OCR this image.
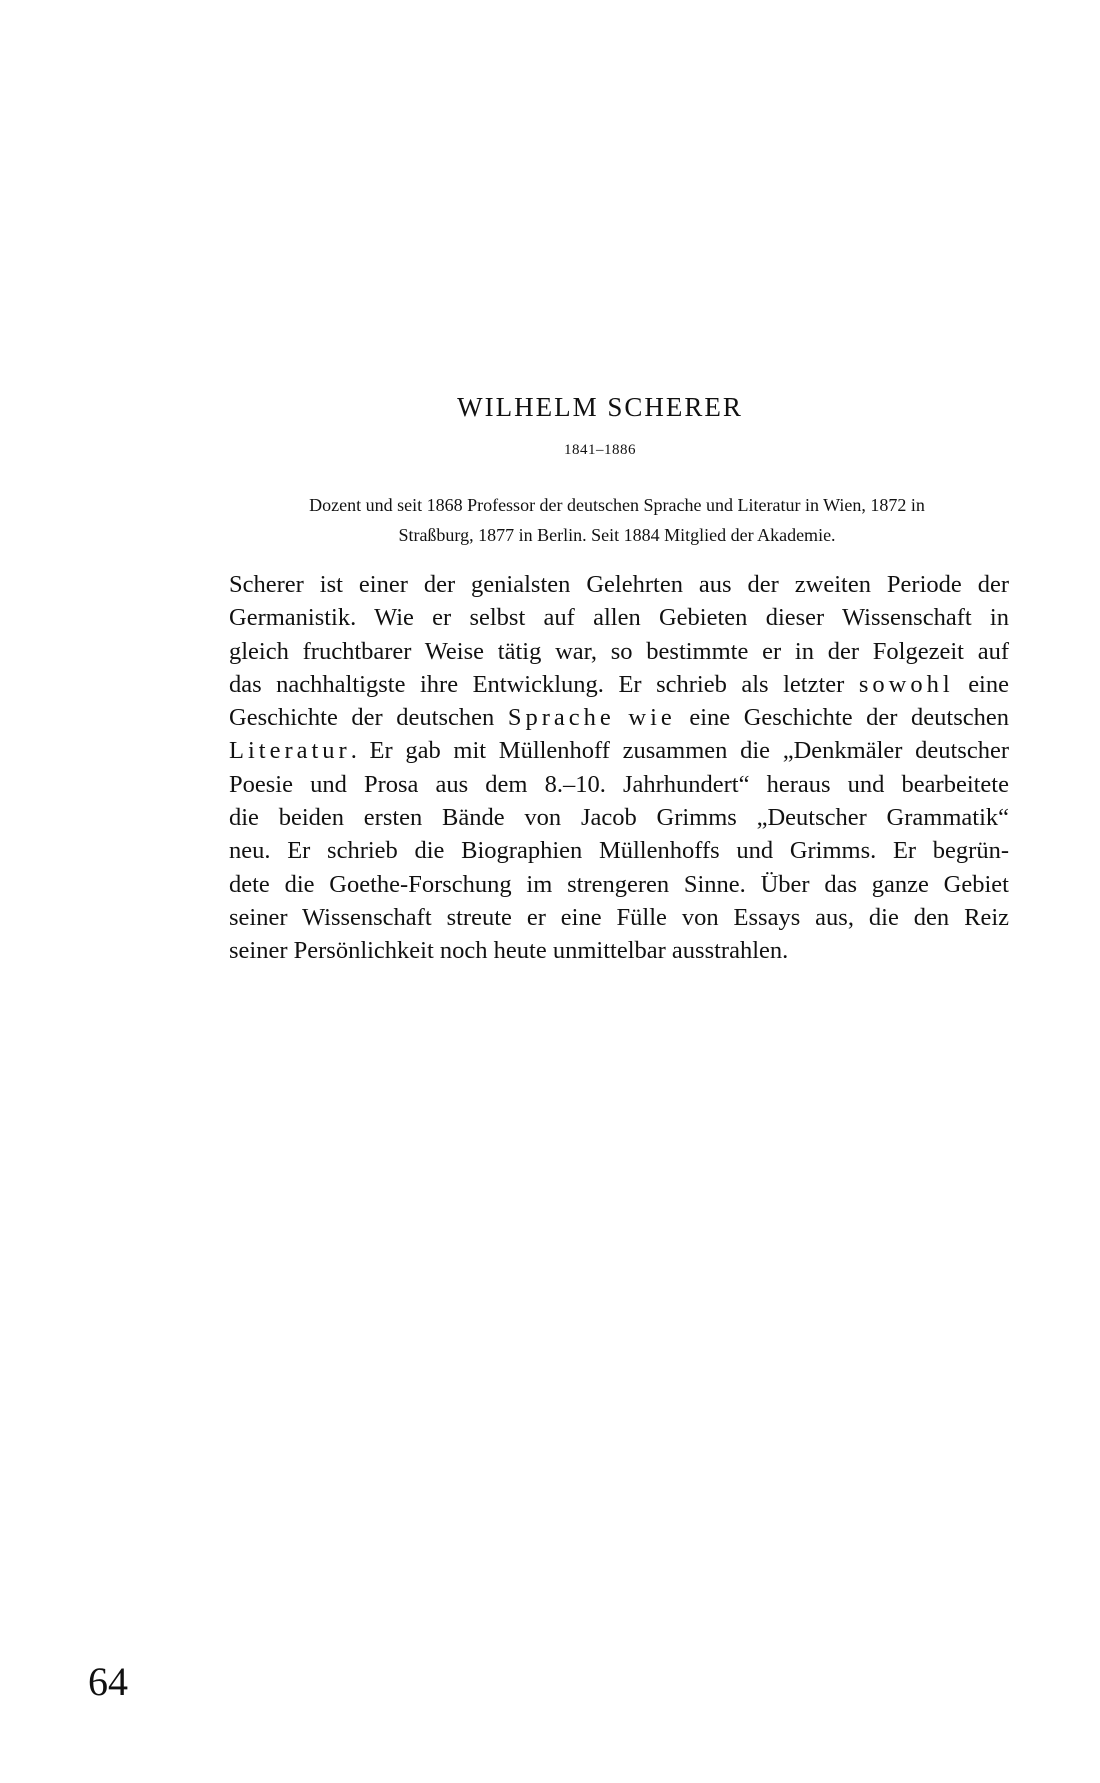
WILHELM SCHERER
1841–1886
Dozent und seit 1868 Professor der deutschen Sprache und Literatur in Wien, 1872 in
Straßburg, 1877 in Berlin. Seit 1884 Mitglied der Akademie.
Scherer ist einer der genialsten Gelehrten aus der zweiten Periode der
Germanistik. Wie er selbst auf allen Gebieten dieser Wissenschaft in
gleich fruchtbarer Weise tätig war, so bestimmte er in der Folgezeit auf
das nachhaltigste ihre Entwicklung. Er schrieb als letzter sowohl eine
Geschichte der deutschen Sprache wie eine Geschichte der deutschen
Literatur. Er gab mit Müllenhoff zusammen die „Denkmäler deutscher
Poesie und Prosa aus dem 8.–10. Jahrhundert“ heraus und bearbeitete
die beiden ersten Bände von Jacob Grimms „Deutscher Grammatik“
neu. Er schrieb die Biographien Müllenhoffs und Grimms. Er begrün-
dete die Goethe-Forschung im strengeren Sinne. Über das ganze Gebiet
seiner Wissenschaft streute er eine Fülle von Essays aus, die den Reiz
seiner Persönlichkeit noch heute unmittelbar ausstrahlen.
64
